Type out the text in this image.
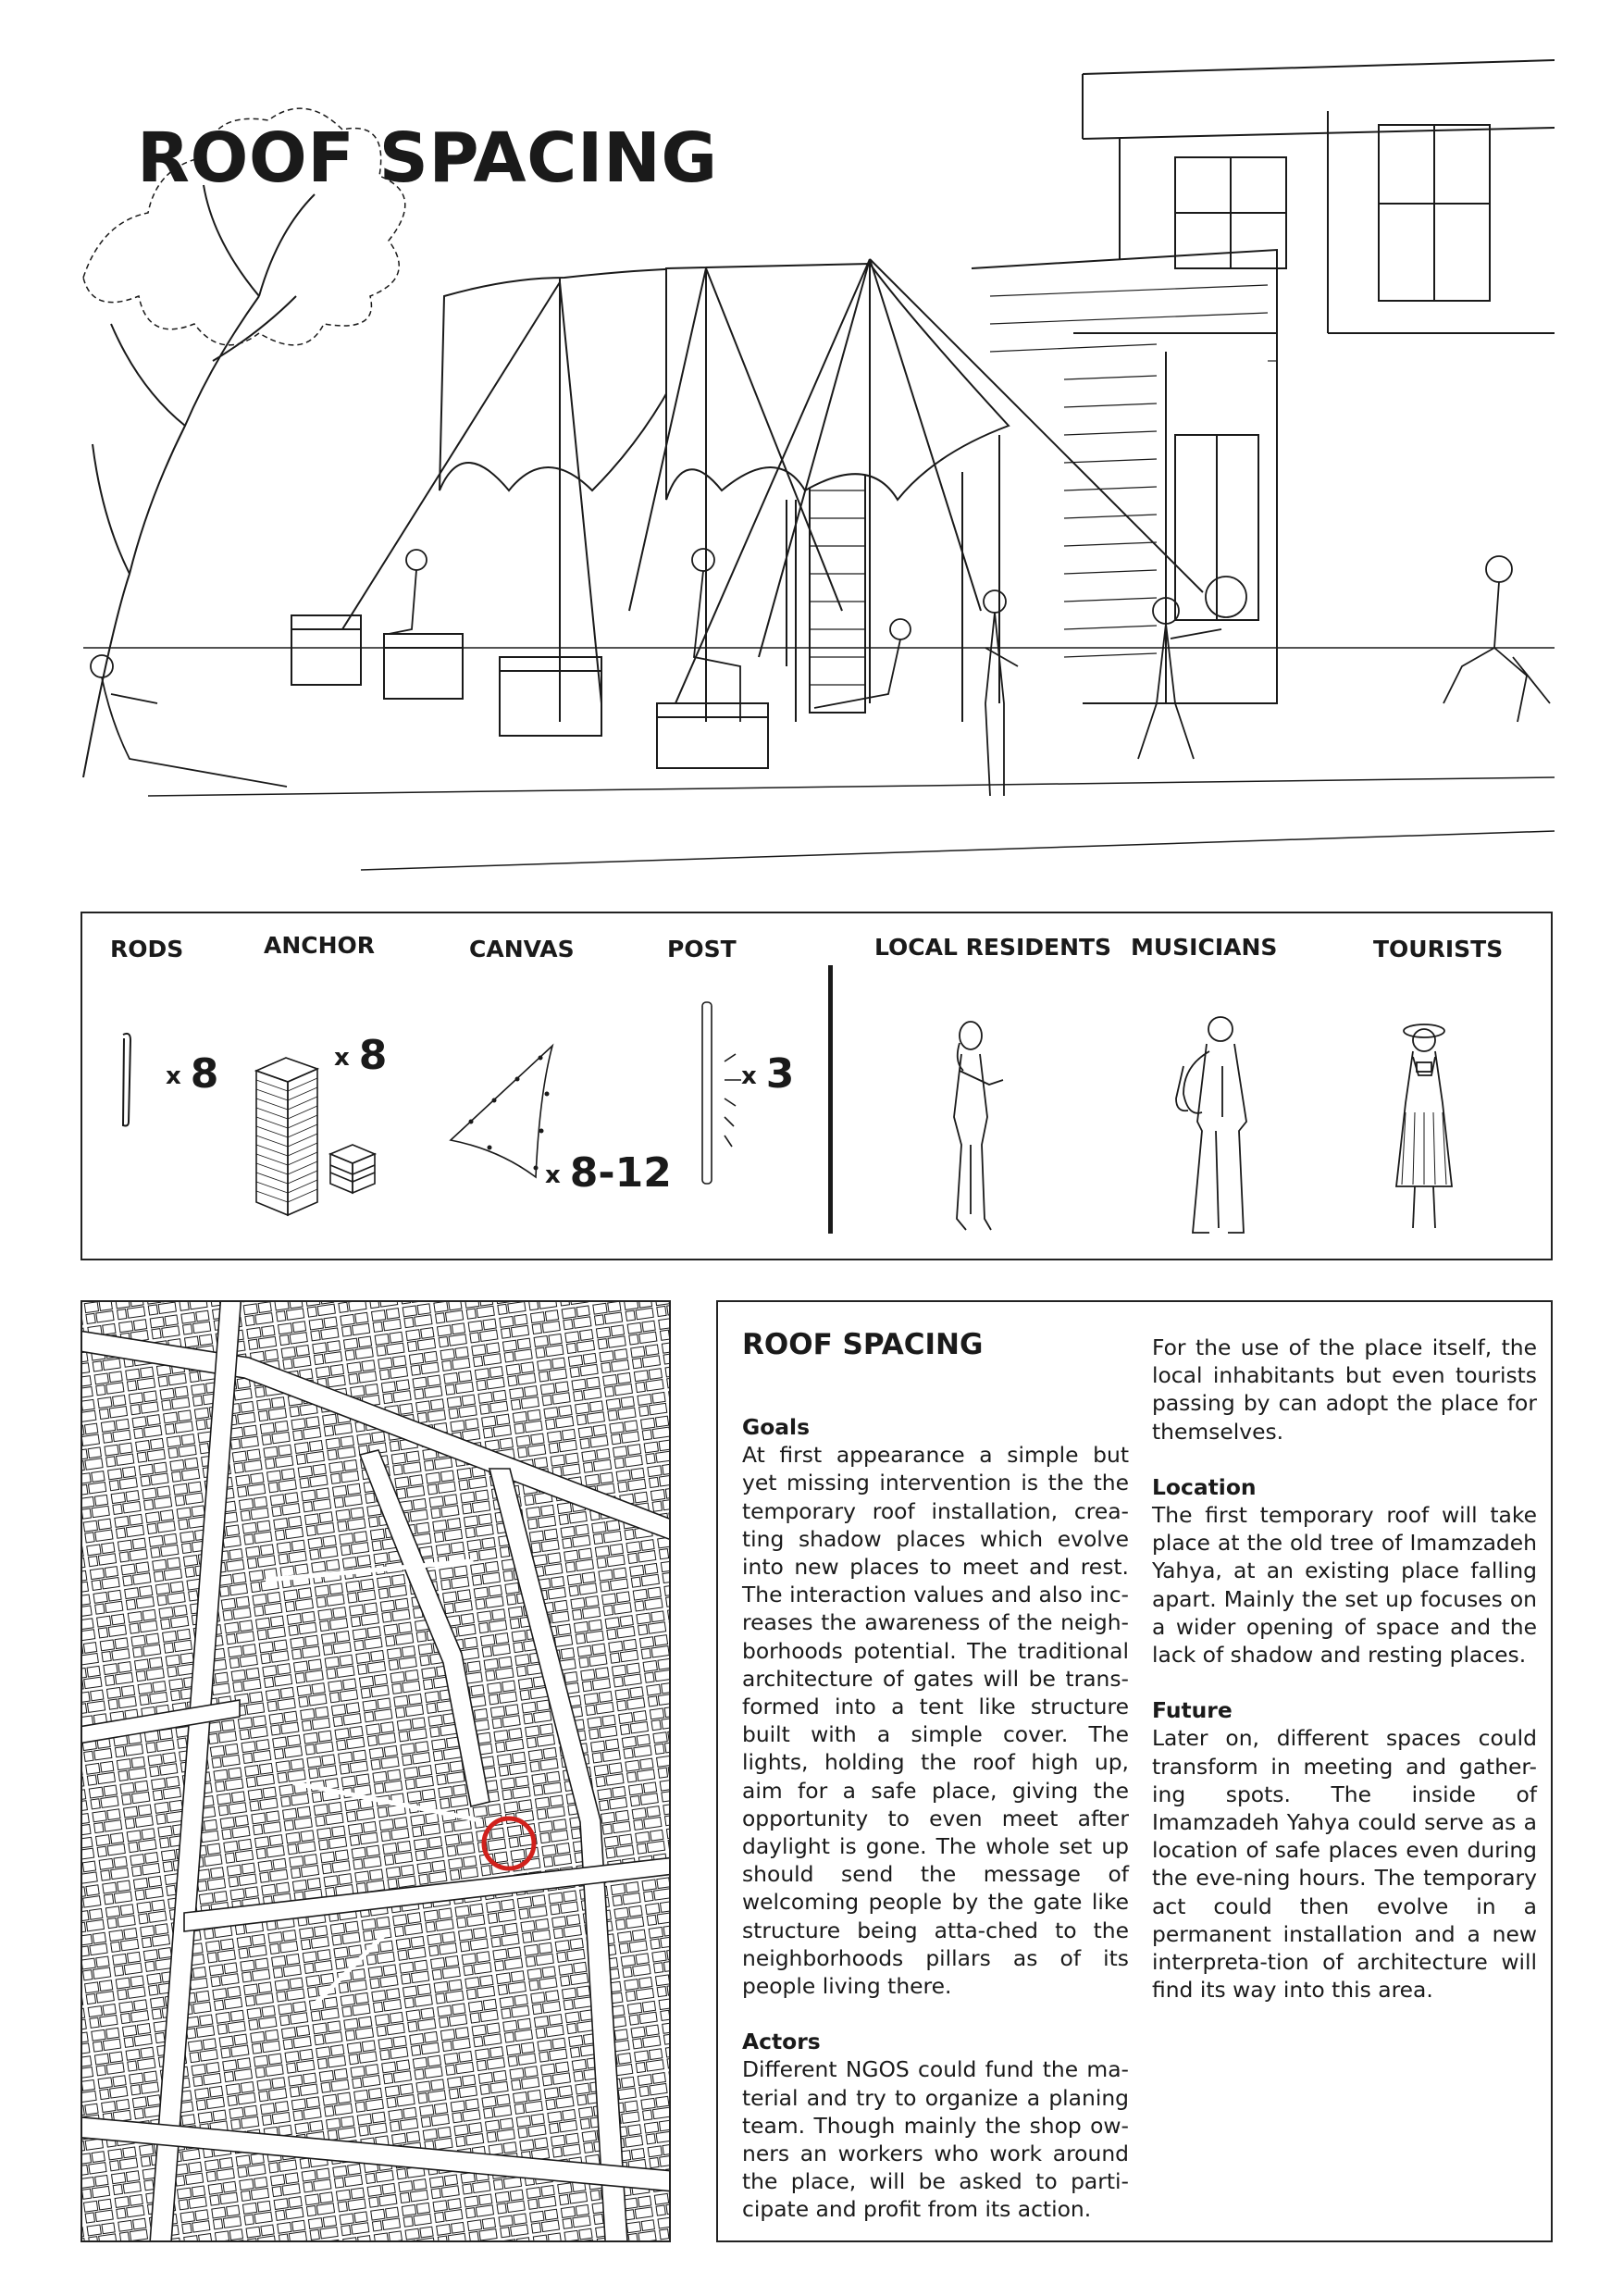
ROOF SPACING
RODS	ANCHOR	CANVAS	POST	LOCAL RESIDENTS MUSICIANS	TOURISTS
x 8	x 8
x 8-12
x 3

ROOF SPACING

Goals

At first appearance a simple but yet missing intervention is the the temporary roof installation, crea-ting shadow places which evolve into new places to meet and rest. The interaction values and also inc-reases the awareness of the neigh-borhoods potential. The traditional architecture of gates will be trans-formed into a tent like structure built with a simple cover. The lights, holding the roof high up, aim for a safe place, giving the opportunity to even meet after daylight is gone. The whole set up should send the message of welcoming people by the gate like structure being atta-ched to the neighborhoods pillars as of its people living there.

Actors

Different NGOS could fund the ma-terial and try to organize a planing team. Though mainly the shop ow-ners an workers who work around the place, will be asked to parti-cipate and profit from its action.

For the use of the place itself, the local inhabitants but even tourists passing by can adopt the place for themselves.

Location

The first temporary roof will take place at the old tree of Imamzadeh Yahya, at an existing place falling apart. Mainly the set up focuses on a wider opening of space and the lack of shadow and resting places.

Future

Later on, different spaces could transform in meeting and gather-ing spots. The inside of Imamzadeh Yahya could serve as a location of safe places even during the eve-ning hours. The temporary act could then evolve in a permanent installation and a new interpreta-tion of architecture will find its way into this area.
